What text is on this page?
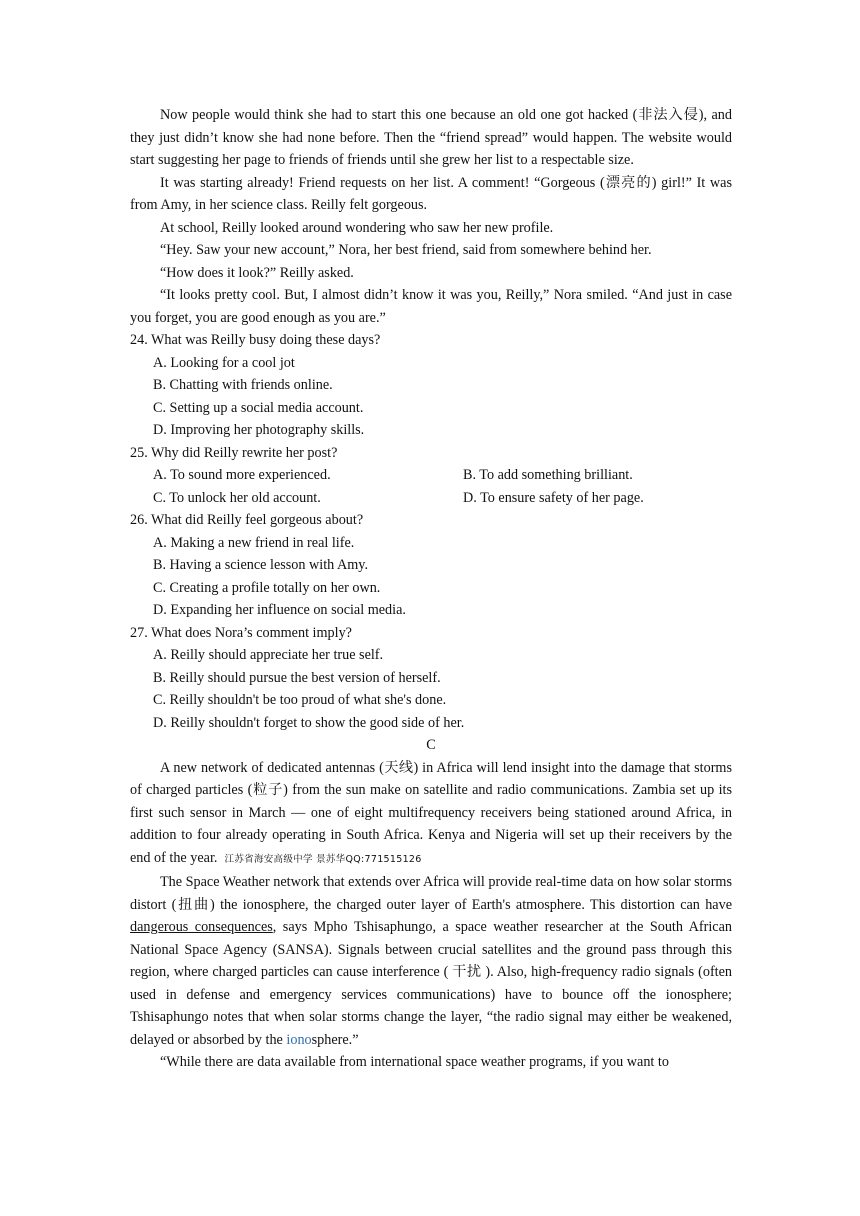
Now people would think she had to start this one because an old one got hacked (非法入侵), and they just didn’t know she had none before. Then the “friend spread” would happen. The website would start suggesting her page to friends of friends until she grew her list to a respectable size.

It was starting already! Friend requests on her list. A comment! “Gorgeous (漂亮的) girl!” It was from Amy, in her science class. Reilly felt gorgeous.

At school, Reilly looked around wondering who saw her new profile.

“Hey. Saw your new account,” Nora, her best friend, said from somewhere behind her.

“How does it look?” Reilly asked.

“It looks pretty cool. But, I almost didn’t know it was you, Reilly,” Nora smiled. “And just in case you forget, you are good enough as you are.”

24. What was Reilly busy doing these days?

A. Looking for a cool jot

B. Chatting with friends online.

C. Setting up a social media account.

D. Improving her photography skills.

25. Why did Reilly rewrite her post?

A. To sound more experienced.	B. To add something brilliant.
C. To unlock her old account.	D. To ensure safety of her page.

26. What did Reilly feel gorgeous about?

A. Making a new friend in real life.

B. Having a science lesson with Amy.

C. Creating a profile totally on her own.

D. Expanding her influence on social media.

27. What does Nora’s comment imply?

A. Reilly should appreciate her true self.

B. Reilly should pursue the best version of herself.

C. Reilly shouldn't be too proud of what she's done.

D. Reilly shouldn't forget to show the good side of her.

C

A new network of dedicated antennas (天线) in Africa will lend insight into the damage that storms of charged particles (粒子) from the sun make on satellite and radio communications. Zambia set up its first such sensor in March — one of eight multifrequency receivers being stationed around Africa, in addition to four already operating in South Africa. Kenya and Nigeria will set up their receivers by the end of the year. 江苏省海安高级中学 景苏华QQ:771515126

The Space Weather network that extends over Africa will provide real-time data on how solar storms distort (扭曲) the ionosphere, the charged outer layer of Earth's atmosphere. This distortion can have dangerous consequences, says Mpho Tshisaphungo, a space weather researcher at the South African National Space Agency (SANSA). Signals between crucial satellites and the ground pass through this region, where charged particles can cause interference ( 干扰 ). Also, high-frequency radio signals (often used in defense and emergency services communications) have to bounce off the ionosphere; Tshisaphungo notes that when solar storms change the layer, “the radio signal may either be weakened, delayed or absorbed by the ionosphere.”

“While there are data available from international space weather programs, if you want to
